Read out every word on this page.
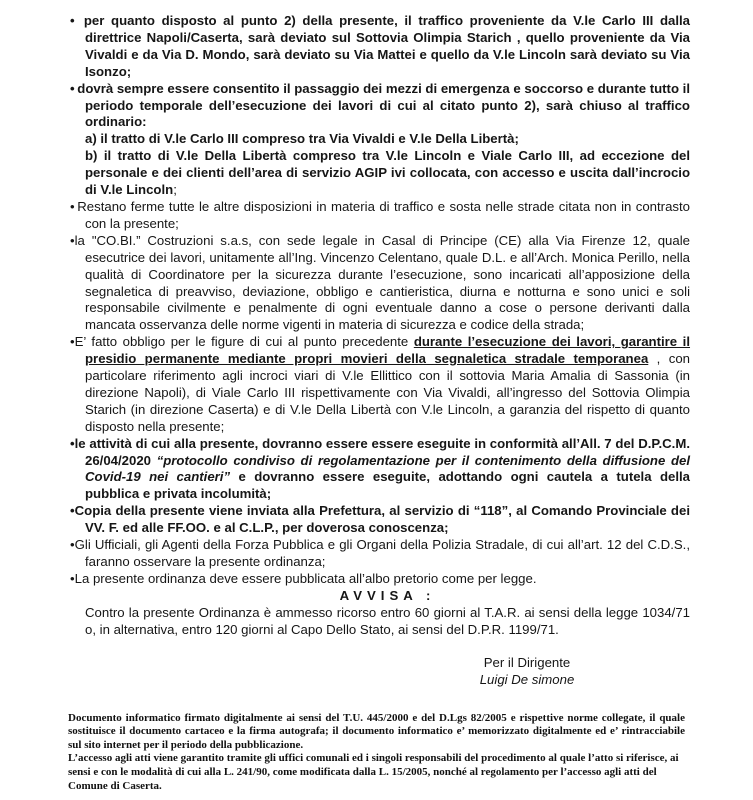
•  per quanto disposto al punto 2) della presente, il traffico proveniente da V.le Carlo III dalla direttrice Napoli/Caserta, sarà deviato sul Sottovia Olimpia Starich , quello proveniente da Via Vivaldi e da Via D. Mondo, sarà deviato su Via Mattei e quello da V.le Lincoln sarà deviato su Via Isonzo;
• dovrà sempre essere consentito il passaggio dei mezzi di emergenza e soccorso e durante tutto il periodo temporale dell’esecuzione dei lavori di cui al citato punto 2), sarà chiuso al traffico ordinario:
a) il tratto di V.le Carlo III compreso tra Via Vivaldi e V.le Della Libertà;
b) il tratto di V.le Della Libertà compreso tra V.le Lincoln e Viale Carlo III, ad eccezione del personale e dei clienti dell’area di servizio AGIP ivi collocata, con accesso e uscita dall’incrocio di V.le Lincoln;
• Restano ferme tutte le altre disposizioni in materia di traffico e sosta nelle strade citata non in contrasto con la presente;
•la "CO.BI.” Costruzioni s.a.s, con sede legale in Casal di Principe (CE) alla Via Firenze 12, quale esecutrice dei lavori, unitamente all’Ing. Vincenzo Celentano, quale D.L. e all’Arch. Monica Perillo, nella qualità di Coordinatore per la sicurezza durante l’esecuzione, sono incaricati all’apposizione della segnaletica di preavviso, deviazione, obbligo e cantieristica, diurna e notturna e sono unici e soli responsabile civilmente e penalmente di ogni eventuale danno a cose o persone derivanti dalla mancata osservanza delle norme vigenti in materia di sicurezza e codice della strada;
•E’ fatto obbligo per le figure di cui al punto precedente durante l’esecuzione dei lavori, garantire il presidio permanente mediante propri movieri della segnaletica stradale temporanea , con particolare riferimento agli incroci viari di V.le Ellittico con il sottovia Maria Amalia di Sassonia (in direzione Napoli), di Viale Carlo III rispettivamente con Via Vivaldi, all’ingresso del Sottovia Olimpia Starich (in direzione Caserta) e di V.le Della Libertà con V.le Lincoln, a garanzia del rispetto di quanto disposto nella presente;
•le attività di cui alla presente, dovranno essere essere eseguite in conformità all’All. 7 del D.P.C.M. 26/04/2020 “protocollo condiviso di regolamentazione per il contenimento della diffusione del Covid-19 nei cantieri” e dovranno essere eseguite, adottando ogni cautela a tutela della pubblica e privata incolumità;
•Copia della presente viene inviata alla Prefettura, al servizio di “118”, al Comando Provinciale dei VV. F. ed alle FF.OO. e al C.L.P., per doverosa conoscenza;
•Gli Ufficiali, gli Agenti della Forza Pubblica e gli Organi della Polizia Stradale, di cui all’art. 12 del C.D.S., faranno osservare la presente ordinanza;
•La presente ordinanza deve essere pubblicata all’albo pretorio come per legge.
AVVISA :
Contro la presente Ordinanza è ammesso ricorso entro 60 giorni al T.A.R. ai sensi della legge 1034/71 o, in alternativa, entro 120 giorni al Capo Dello Stato, ai sensi del D.P.R. 1199/71.
Per il Dirigente
Luigi De simone
Documento informatico firmato digitalmente ai sensi del T.U. 445/2000 e del D.Lgs 82/2005 e rispettive norme collegate, il quale sostituisce il documento cartaceo e la firma autografa; il documento informatico e’ memorizzato digitalmente ed e’ rintracciabile sul sito internet per il periodo della pubblicazione.
L’accesso agli atti viene garantito tramite gli uffici comunali ed i singoli responsabili del procedimento al quale l’atto si riferisce, ai sensi e con le modalità di cui alla L. 241/90, come modificata dalla L. 15/2005, nonché al regolamento per l’accesso agli atti del Comune di Caserta.
